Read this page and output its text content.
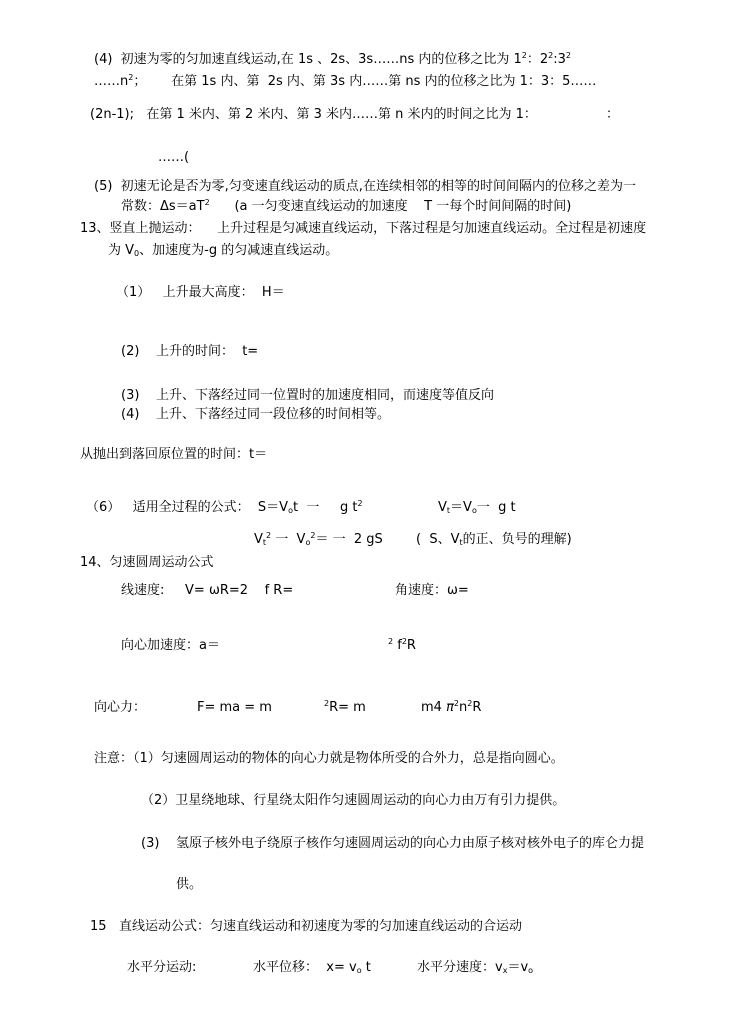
(4)  初速为零的匀加速直线运动,在 1s 、2s、3s……ns 内的位移之比为 $1^2$：$2^2:3^2$
$\dots\dots n^2$；      在第 1s 内、第  2s 内、第 3s 内……第 ns 内的位移之比为 1：3：5……
(2n-1);   在第 1 米内、第 2 米内、第 3 米内……第 n 米内的时间之比为 1：	：
……(
(5)  初速无论是否为零,匀变速直线运动的质点,在连续相邻的相等的时间间隔内的位移之差为一
常数：$\Delta s=aT^2$      (a 一匀变速直线运动的加速度    T 一每个时间间隔的时间)
13、竖直上抛运动：    上升过程是匀减速直线运动，下落过程是匀加速直线运动。全过程是初速度
为 $V_0$、加速度为-g 的匀减速直线运动。
（1）   上升最大高度：  H＝
(2)    上升的时间：  t=
(3)    上升、下落经过同一位置时的加速度相同，而速度等值反向
(4)    上升、下落经过同一段位移的时间相等。
从抛出到落回原位置的时间：t＝
（6）   适用全过程的公式：  $S=V_ot$  一     g $t^2$	$V_t=V_o$一  g t
$V_t^2$ 一  $V_o^2=$ 一  2 gS	(  S、$V_t$的正、负号的理解)
14、匀速圆周运动公式
线速度:     V= ωR=2    f R=	角速度：ω=
向心加速度：a＝	$^2$ $f^2R$
向心力：	F= ma = m	$^2$R= m	m4 $\pi^2n^2R$
注意：（1）匀速圆周运动的物体的向心力就是物体所受的合外力，总是指向圆心。
（2）卫星绕地球、行星绕太阳作匀速圆周运动的向心力由万有引力提供。
(3)    氢原子核外电子绕原子核作匀速圆周运动的向心力由原子核对核外电子的库仑力提
供。
15   直线运动公式：匀速直线运动和初速度为零的匀加速直线运动的合运动
水平分运动:	水平位移：  $x= v_o$ t	水平分速度：$v_x=v_o$
